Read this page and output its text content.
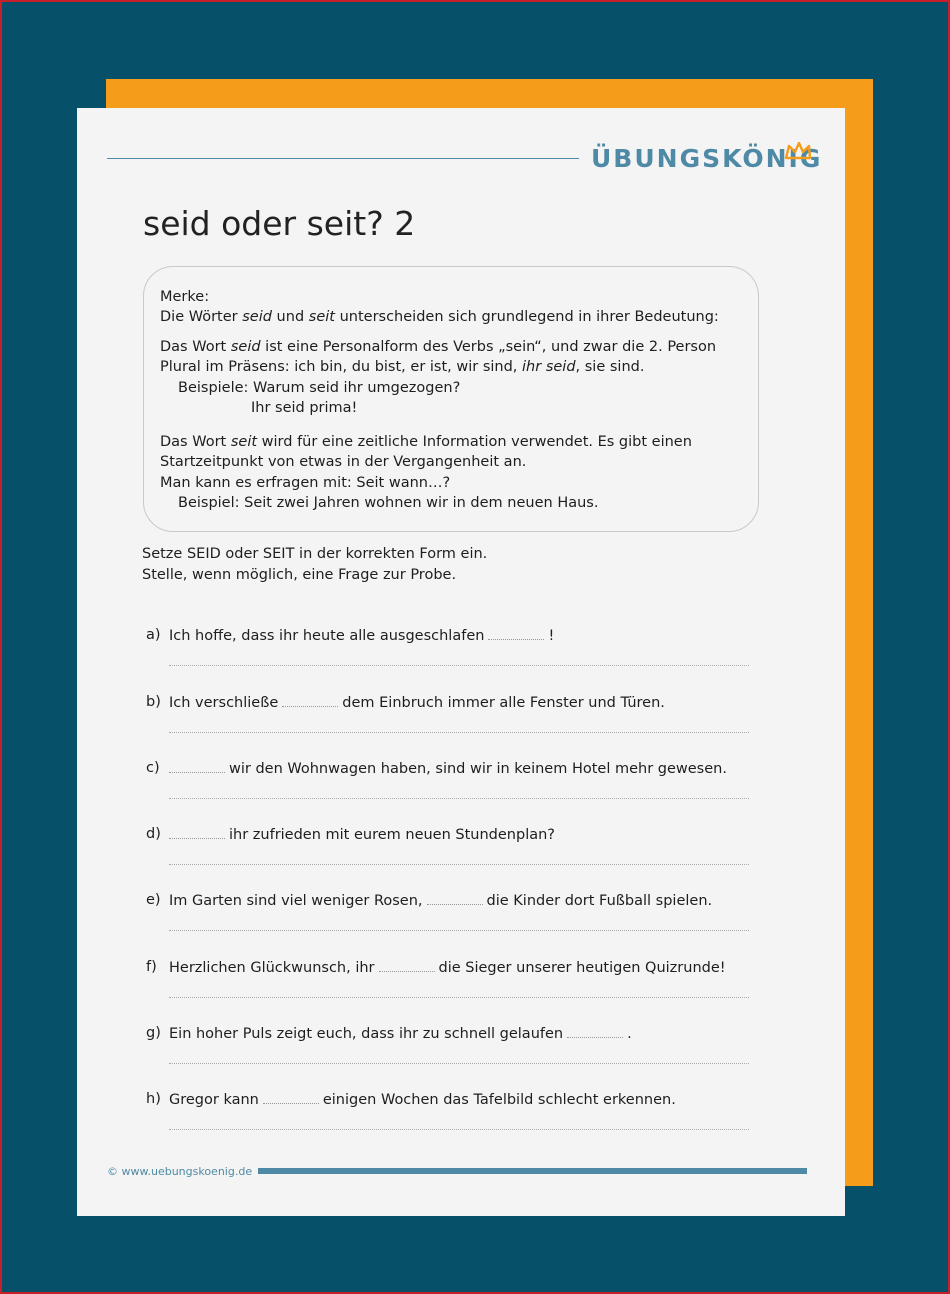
ÜBUNGSKÖNIG
seid oder seit? 2
Merke:
Die Wörter seid und seit unterscheiden sich grundlegend in ihrer Bedeutung:
Das Wort seid ist eine Personalform des Verbs „sein“, und zwar die 2. Person
Plural im Präsens: ich bin, du bist, er ist, wir sind, ihr seid, sie sind.
Beispiele: Warum seid ihr umgezogen?
Ihr seid prima!
Das Wort seit wird für eine zeitliche Information verwendet. Es gibt einen
Startzeitpunkt von etwas in der Vergangenheit an.
Man kann es erfragen mit: Seit wann…?
Beispiel: Seit zwei Jahren wohnen wir in dem neuen Haus.
Setze SEID oder SEIT in der korrekten Form ein.
Stelle, wenn möglich, eine Frage zur Probe.
a) Ich hoffe, dass ihr heute alle ausgeschlafen	!
b) Ich verschließe	dem Einbruch immer alle Fenster und Türen.
c)	wir den Wohnwagen haben, sind wir in keinem Hotel mehr gewesen.
d)	ihr zufrieden mit eurem neuen Stundenplan?
e) Im Garten sind viel weniger Rosen,	die Kinder dort Fußball spielen.
f) Herzlichen Glückwunsch, ihr	die Sieger unserer heutigen Quizrunde!
g) Ein hoher Puls zeigt euch, dass ihr zu schnell gelaufen	.
h) Gregor kann	einigen Wochen das Tafelbild schlecht erkennen.
© www.uebungskoenig.de
